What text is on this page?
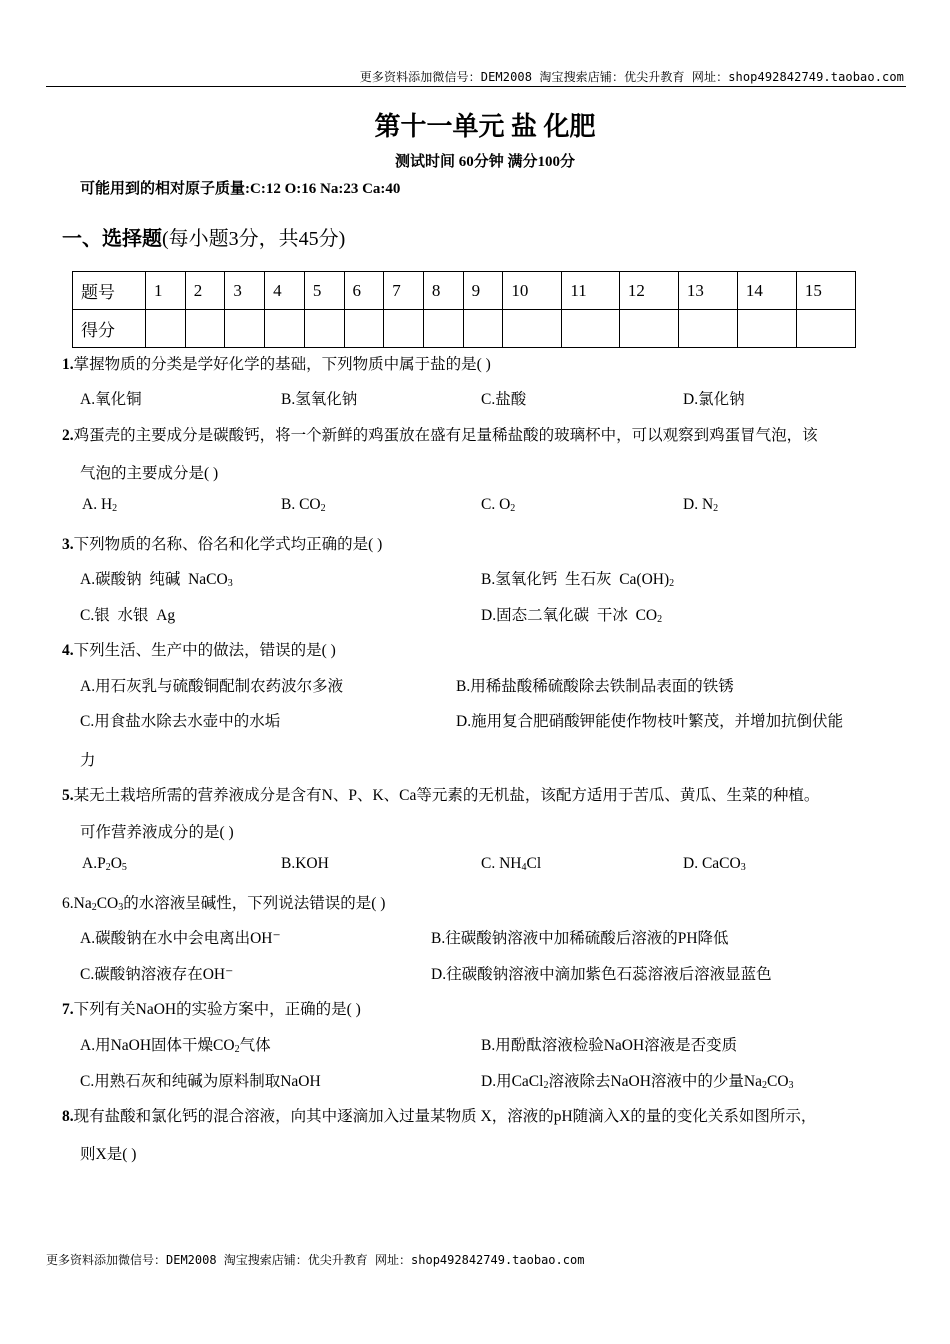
更多资料添加微信号：DEM2008 淘宝搜索店铺：优尖升教育 网址：shop492842749.taobao.com
第十一单元 盐 化肥
测试时间 60分钟 满分100分
可能用到的相对原子质量:C:12 O:16 Na:23 Ca:40
一、选择题(每小题3分，共45分)
题号	1	2	3	4	5	6	7	8	9	10	11	12	13	14	15
得分															
1.掌握物质的分类是学好化学的基础，下列物质中属于盐的是( )
A.氧化铜	B.氢氧化钠	C.盐酸	D.氯化钠
2.鸡蛋壳的主要成分是碳酸钙，将一个新鲜的鸡蛋放在盛有足量稀盐酸的玻璃杯中，可以观察到鸡蛋冒气泡，该
气泡的主要成分是( )
A. $H_2$	B. $CO_2$	C. $O_2$	D. $N_2$
3.下列物质的名称、俗名和化学式均正确的是( )
A.碳酸钠  纯碱  NaCO$_3$	B.氢氧化钙  生石灰  $Ca(OH)_2$
C.银  水银  Ag	D.固态二氧化碳  干冰  $CO_2$
4.下列生活、生产中的做法，错误的是( )
A.用石灰乳与硫酸铜配制农药波尔多液	B.用稀盐酸稀硫酸除去铁制品表面的铁锈
C.用食盐水除去水壶中的水垢	D.施用复合肥硝酸钾能使作物枝叶繁茂，并增加抗倒伏能
力
5.某无土栽培所需的营养液成分是含有N、P、K、Ca等元素的无机盐，该配方适用于苦瓜、黄瓜、生菜的种植。
可作营养液成分的是( )
$A.P_2O_5$	B.KOH	C. $NH_4Cl$	D. CaCO$_3$
$6.Na_2CO_3$的水溶液呈碱性，下列说法错误的是( )
A.碳酸钠在水中会电离出OH⁻	B.往碳酸钠溶液中加稀硫酸后溶液的PH降低
C.碳酸钠溶液存在OH⁻	D.往碳酸钠溶液中滴加紫色石蕊溶液后溶液显蓝色
7.下列有关NaOH的实验方案中，正确的是( )
A.用NaOH固体干燥$CO_2$气体	B.用酚酞溶液检验NaOH溶液是否变质
C.用熟石灰和纯碱为原料制取NaOH	D.用CaCl$_2$溶液除去NaOH溶液中的少量$Na_2CO_3$
8.现有盐酸和氯化钙的混合溶液，向其中逐滴加入过量某物质 X，溶液的pH随滴入X的量的变化关系如图所示，
则X是( )
更多资料添加微信号：DEM2008 淘宝搜索店铺：优尖升教育 网址：shop492842749.taobao.com
